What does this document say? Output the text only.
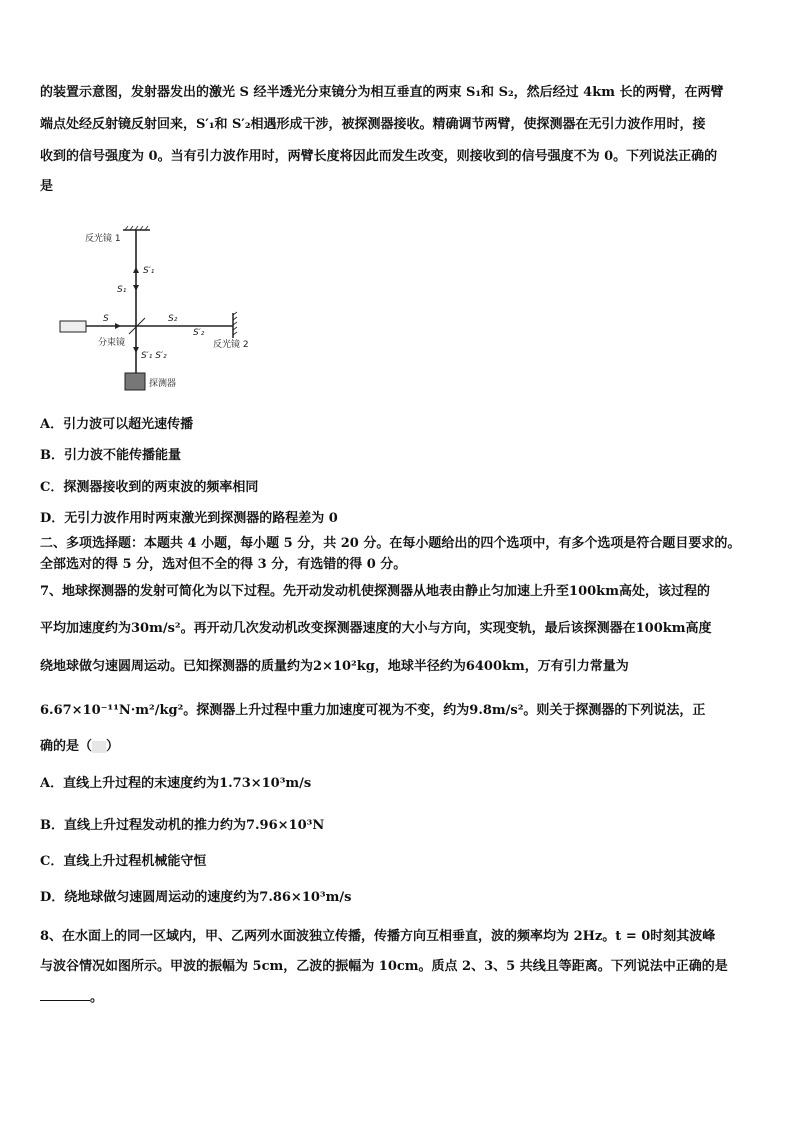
的装置示意图，发射器发出的激光 S 经半透光分束镜分为相互垂直的两束 S₁和 S₂，然后经过 4km 长的两臂，在两臂
端点处经反射镜反射回来，S′₁和 S′₂相遇形成干涉，被探测器接收。精确调节两臂，使探测器在无引力波作用时，接
收到的信号强度为 0。当有引力波作用时，两臂长度将因此而发生改变，则接收到的信号强度不为 0。下列说法正确的
是
反光镜 1
S′₁
S₁
S	S₂
S′₂
分束镜	反光镜 2
S′₁ S′₂
探测器
A．引力波可以超光速传播
B．引力波不能传播能量
C．探测器接收到的两束波的频率相同
D．无引力波作用时两束激光到探测器的路程差为 0
二、多项选择题：本题共 4 小题，每小题 5 分，共 20 分。在每小题给出的四个选项中，有多个选项是符合题目要求的。
全部选对的得 5 分，选对但不全的得 3 分，有选错的得 0 分。
7、地球探测器的发射可简化为以下过程。先开动发动机使探测器从地表由静止匀加速上升至100km高处，该过程的
平均加速度约为30m/s²。再开动几次发动机改变探测器速度的大小与方向，实现变轨，最后该探测器在100km高度
绕地球做匀速圆周运动。已知探测器的质量约为2×10²kg，地球半径约为6400km，万有引力常量为
6.67×10⁻¹¹N·m²/kg²。探测器上升过程中重力加速度可视为不变，约为9.8m/s²。则关于探测器的下列说法，正
确的是（ ）
A．直线上升过程的末速度约为1.73×10³m/s
B．直线上升过程发动机的推力约为7.96×10³N
C．直线上升过程机械能守恒
D．绕地球做匀速圆周运动的速度约为7.86×10³m/s
8、在水面上的同一区域内，甲、乙两列水面波独立传播，传播方向互相垂直，波的频率均为 2Hz。t = 0时刻其波峰
与波谷情况如图所示。甲波的振幅为 5cm，乙波的振幅为 10cm。质点 2、3、5 共线且等距离。下列说法中正确的是
。
